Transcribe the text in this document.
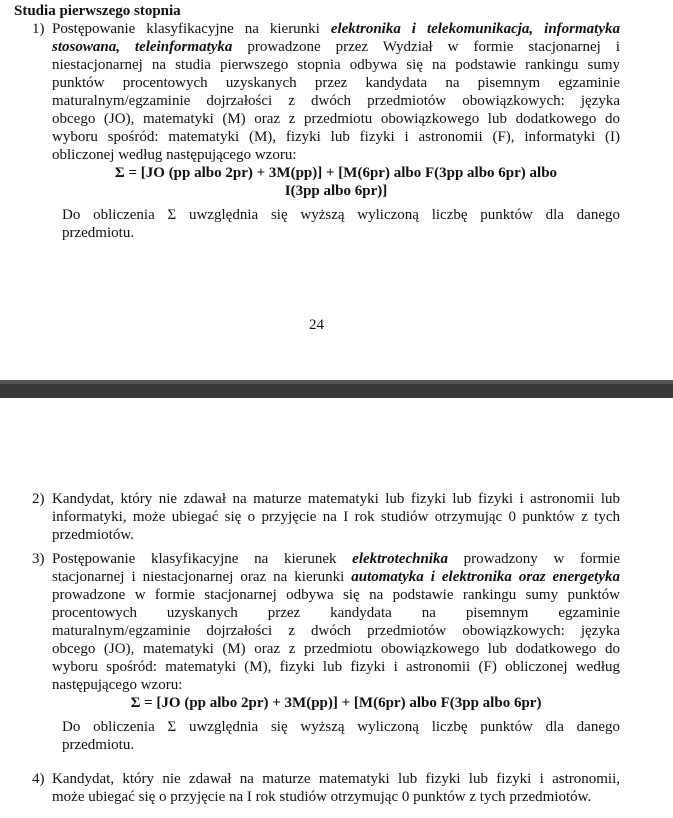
Studia pierwszego stopnia
1) Postępowanie klasyfikacyjne na kierunki elektronika i telekomunikacja, informatyka
stosowana, teleinformatyka prowadzone przez Wydział w formie stacjonarnej i
niestacjonarnej na studia pierwszego stopnia odbywa się na podstawie rankingu sumy
punktów procentowych uzyskanych przez kandydata na pisemnym egzaminie
maturalnym/egzaminie dojrzałości z dwóch przedmiotów obowiązkowych: języka
obcego (JO), matematyki (M) oraz z przedmiotu obowiązkowego lub dodatkowego do
wyboru spośród: matematyki (M), fizyki lub fizyki i astronomii (F), informatyki (I)
obliczonej według następującego wzoru:
Σ = [JO (pp albo 2pr) + 3M(pp)] + [M(6pr) albo F(3pp albo 6pr) albo
I(3pp albo 6pr)]
Do obliczenia Σ uwzględnia się wyższą wyliczoną liczbę punktów dla danego
przedmiotu.
24
2) Kandydat, który nie zdawał na maturze matematyki lub fizyki lub fizyki i astronomii lub
informatyki, może ubiegać się o przyjęcie na I rok studiów otrzymując 0 punktów z tych
przedmiotów.
3) Postępowanie klasyfikacyjne na kierunek elektrotechnika prowadzony w formie
stacjonarnej i niestacjonarnej oraz na kierunki automatyka i elektronika oraz energetyka
prowadzone w formie stacjonarnej odbywa się na podstawie rankingu sumy punktów
procentowych uzyskanych przez kandydata na pisemnym egzaminie
maturalnym/egzaminie dojrzałości z dwóch przedmiotów obowiązkowych: języka
obcego (JO), matematyki (M) oraz z przedmiotu obowiązkowego lub dodatkowego do
wyboru spośród: matematyki (M), fizyki lub fizyki i astronomii (F) obliczonej według
następującego wzoru:
Σ = [JO (pp albo 2pr) + 3M(pp)] + [M(6pr) albo F(3pp albo 6pr)
Do obliczenia Σ uwzględnia się wyższą wyliczoną liczbę punktów dla danego
przedmiotu.
4) Kandydat, który nie zdawał na maturze matematyki lub fizyki lub fizyki i astronomii,
może ubiegać się o przyjęcie na I rok studiów otrzymując 0 punktów z tych przedmiotów.
